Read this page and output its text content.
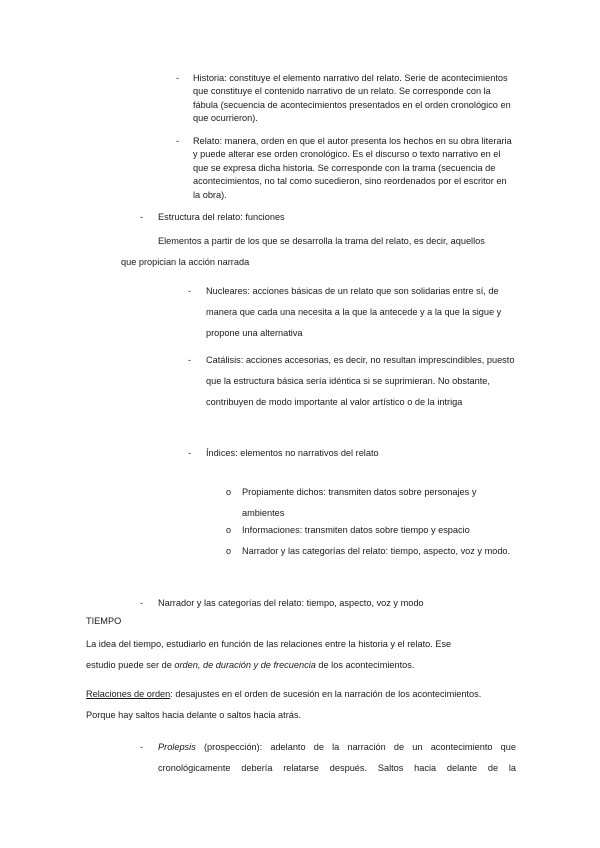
- Historia: constituye el elemento narrativo del relato. Serie de acontecimientos que constituye el contenido narrativo de un relato. Se corresponde con la fábula (secuencia de acontecimientos presentados en el orden cronológico en que ocurrieron).
- Relato: manera, orden en que el autor presenta los hechos en su obra literaria y puede alterar ese orden cronológico. Es el discurso o texto narrativo en el que se expresa dicha historia. Se corresponde con la trama (secuencia de acontecimientos, no tal como sucedieron, sino reordenados por el escritor en la obra).
- Estructura del relato: funciones
Elementos a partir de los que se desarrolla la trama del relato, es decir, aquellos
que propician la acción narrada
- Nucleares: acciones básicas de un relato que son solidarias entre sí, de manera que cada una necesita a la que la antecede y a la que la sigue y propone una alternativa
- Catálisis: acciones accesorias, es decir, no resultan imprescindibles, puesto que la estructura básica sería idéntica si se suprimieran. No obstante, contribuyen de modo importante al valor artístico o de la intriga
- Índices: elementos no narrativos del relato
o Propiamente dichos: transmiten datos sobre personajes y ambientes
o Informaciones: transmiten datos sobre tiempo y espacio
o Narrador y las categorías del relato: tiempo, aspecto, voz y modo.
- Narrador y las categorías del relato: tiempo, aspecto, voz y modo
TIEMPO
La idea del tiempo, estudiarlo en función de las relaciones entre la historia y el relato. Ese
estudio puede ser de orden, de duración y de frecuencia de los acontecimientos.
Relaciones de orden: desajustes en el orden de sucesión en la narración de los acontecimientos.
Porque hay saltos hacia delante o saltos hacia atrás.
- Prolepsis (prospección): adelanto de la narración de un acontecimiento que
cronológicamente debería relatarse después. Saltos hacia delante de la
